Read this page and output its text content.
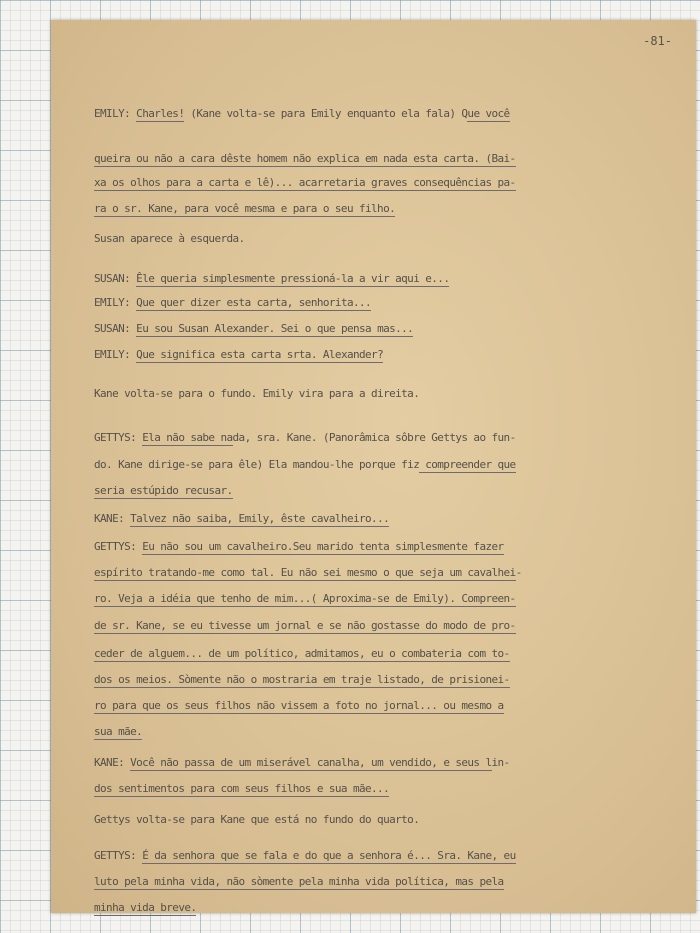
-81-
EMILY: Charles! (Kane volta-se para Emily enquanto ela fala) Que você
queira ou não a cara dêste homem não explica em nada esta carta. (Bai-
xa os olhos para a carta e lê)... acarretaria graves consequências pa-
ra o sr. Kane, para você mesma e para o seu filho.
Susan aparece à esquerda.
SUSAN: Êle queria simplesmente pressioná-la a vir aqui e...
EMILY: Que quer dizer esta carta, senhorita...
SUSAN: Eu sou Susan Alexander. Sei o que pensa mas...
EMILY: Que significa esta carta srta. Alexander?
Kane volta-se para o fundo. Emily vira para a direita.
GETTYS: Ela não sabe nada, sra. Kane. (Panorâmica sôbre Gettys ao fun-
do. Kane dirige-se para êle) Ela mandou-lhe porque fiz compreender que
seria estúpido recusar.
KANE: Talvez não saiba, Emily, êste cavalheiro...
GETTYS: Eu não sou um cavalheiro.Seu marido tenta simplesmente fazer
espírito tratando-me como tal. Eu não sei mesmo o que seja um cavalhei-
ro. Veja a idéia que tenho de mim...( Aproxima-se de Emily). Compreen-
de sr. Kane, se eu tivesse um jornal e se não gostasse do modo de pro-
ceder de alguem... de um político, admitamos, eu o combateria com to-
dos os meios. Sòmente não o mostraria em traje listado, de prisionei-
ro para que os seus filhos não vissem a foto no jornal... ou mesmo a
sua mãe.
KANE: Você não passa de um miserável canalha, um vendido, e seus lin-
dos sentimentos para com seus filhos e sua mãe...
Gettys volta-se para Kane que está no fundo do quarto.
GETTYS: É da senhora que se fala e do que a senhora é... Sra. Kane, eu
luto pela minha vida, não sòmente pela minha vida política, mas pela
minha vida breve.
